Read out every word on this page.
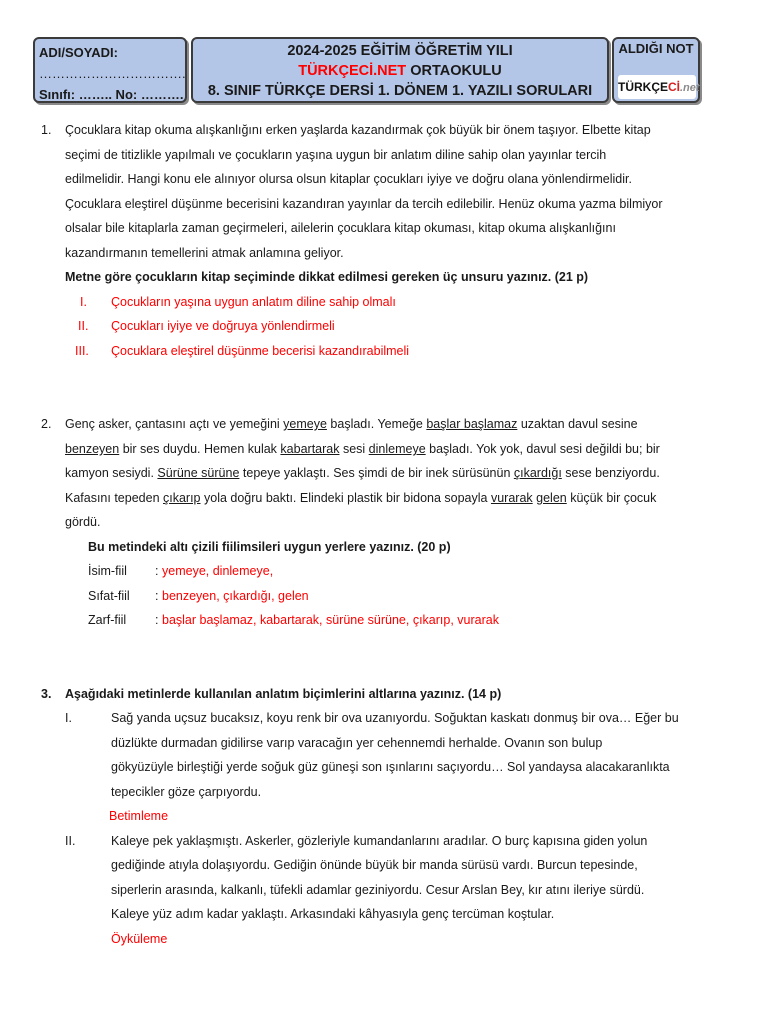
ADI/SOYADI:
…………………………….
Sınıfı: …….. No: ……….
2024-2025 EĞİTİM ÖĞRETİM YILI
TÜRKÇECİ.NET ORTAOKULU
8. SINIF TÜRKÇE DERSİ 1. DÖNEM 1. YAZILI SORULARI
ALDIĞI NOT
TÜRKÇECİ.net
1. Çocuklara kitap okuma alışkanlığını erken yaşlarda kazandırmak çok büyük bir önem taşıyor. Elbette kitap
seçimi de titizlikle yapılmalı ve çocukların yaşına uygun bir anlatım diline sahip olan yayınlar tercih
edilmelidir. Hangi konu ele alınıyor olursa olsun kitaplar çocukları iyiye ve doğru olana yönlendirmelidir.
Çocuklara eleştirel düşünme becerisini kazandıran yayınlar da tercih edilebilir. Henüz okuma yazma bilmiyor
olsalar bile kitaplarla zaman geçirmeleri, ailelerin çocuklara kitap okuması, kitap okuma alışkanlığını
kazandırmanın temellerini atmak anlamına geliyor.
Metne göre çocukların kitap seçiminde dikkat edilmesi gereken üç unsuru yazınız. (21 p)
I. Çocukların yaşına uygun anlatım diline sahip olmalı
II. Çocukları iyiye ve doğruya yönlendirmeli
III. Çocuklara eleştirel düşünme becerisi kazandırabilmeli
2. Genç asker, çantasını açtı ve yemeğini yemeye başladı. Yemeğe başlar başlamaz uzaktan davul sesine
benzeyen bir ses duydu. Hemen kulak kabartarak sesi dinlemeye başladı. Yok yok, davul sesi değildi bu; bir
kamyon sesiydi. Sürüne sürüne tepeye yaklaştı. Ses şimdi de bir inek sürüsünün çıkardığı sese benziyordu.
Kafasını tepeden çıkarıp yola doğru baktı. Elindeki plastik bir bidona sopayla vurarak gelen küçük bir çocuk
gördü.
Bu metindeki altı çizili fiilimsileri uygun yerlere yazınız. (20 p)
İsim-fiil : yemeye, dinlemeye,
Sıfat-fiil : benzeyen, çıkardığı, gelen
Zarf-fiil : başlar başlamaz, kabartarak, sürüne sürüne, çıkarıp, vurarak
3. Aşağıdaki metinlerde kullanılan anlatım biçimlerini altlarına yazınız. (14 p)
I.	Sağ yanda uçsuz bucaksız, koyu renk bir ova uzanıyordu. Soğuktan kaskatı donmuş bir ova… Eğer bu
düzlükte durmadan gidilirse varıp varacağın yer cehennemdi herhalde. Ovanın son bulup
gökyüzüyle birleştiği yerde soğuk güz güneşi son ışınlarını saçıyordu… Sol yandaysa alacakaranlıkta
tepecikler göze çarpıyordu.
Betimleme
II.	Kaleye pek yaklaşmıştı. Askerler, gözleriyle kumandanlarını aradılar. O burç kapısına giden yolun
gediğinde atıyla dolaşıyordu. Gediğin önünde büyük bir manda sürüsü vardı. Burcun tepesinde,
siperlerin arasında, kalkanlı, tüfekli adamlar geziniyordu. Cesur Arslan Bey, kır atını ileriye sürdü.
Kaleye yüz adım kadar yaklaştı. Arkasındaki kâhyasıyla genç tercüman koştular.
Öyküleme
